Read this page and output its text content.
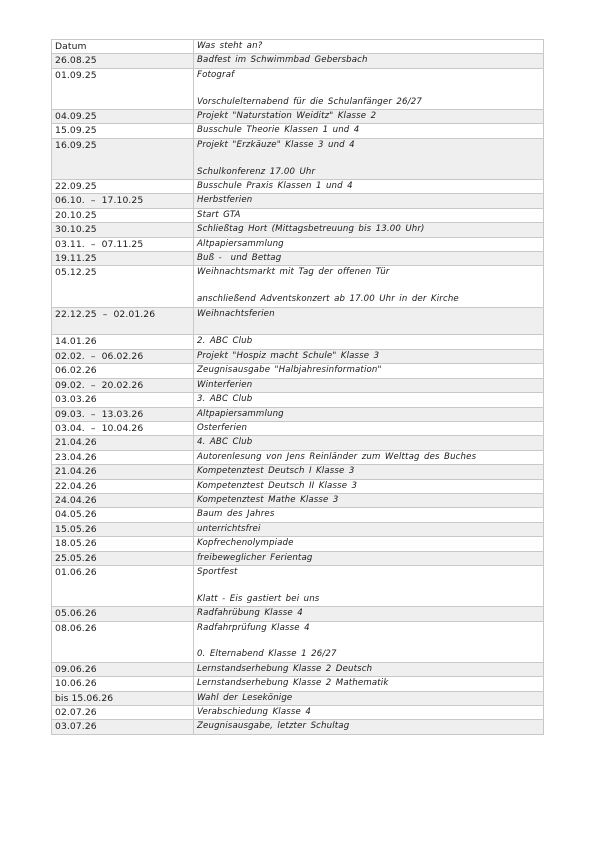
Datum	Was steht an?
26.08.25	Badfest im Schwimmbad Gebersbach

01.09.25	Fotograf
Vorschulelternabend für die Schulanfänger 26/27

04.09.25	Projekt "Naturstation Weiditz" Klasse 2

15.09.25	Busschule Theorie Klassen 1 und 4

16.09.25	Projekt "Erzkäuze" Klasse 3 und 4
Schulkonferenz 17.00 Uhr

22.09.25	Busschule Praxis Klassen 1 und 4

06.10.  –  17.10.25	Herbstferien

20.10.25	Start GTA

30.10.25	Schließtag Hort (Mittagsbetreuung bis 13.00 Uhr)

03.11.  –  07.11.25	Altpapiersammlung

19.11.25	Buß -  und Bettag

05.12.25	Weihnachtsmarkt mit Tag der offenen Tür
anschließend Adventskonzert ab 17.00 Uhr in der Kirche

22.12.25  –  02.01.26	Weihnachtsferien

14.01.26	2. ABC Club

02.02.  –  06.02.26	Projekt "Hospiz macht Schule" Klasse 3

06.02.26	Zeugnisausgabe "Halbjahresinformation"

09.02.  –  20.02.26	Winterferien

03.03.26	3. ABC Club

09.03.  –  13.03.26	Altpapiersammlung

03.04.  –  10.04.26	Osterferien

21.04.26	4. ABC Club

23.04.26	Autorenlesung von Jens Reinländer zum Welttag des Buches

21.04.26	Kompetenztest Deutsch I Klasse 3

22.04.26	Kompetenztest Deutsch II Klasse 3

24.04.26	Kompetenztest Mathe Klasse 3

04.05.26	Baum des Jahres

15.05.26	unterrichtsfrei

18.05.26	Kopfrechenolympiade

25.05.26	freibeweglicher Ferientag

01.06.26	Sportfest
Klatt - Eis gastiert bei uns

05.06.26	Radfahrübung Klasse 4

08.06.26	Radfahrprüfung Klasse 4
0. Elternabend Klasse 1 26/27

09.06.26	Lernstandserhebung Klasse 2 Deutsch

10.06.26	Lernstandserhebung Klasse 2 Mathematik

bis 15.06.26	Wahl der Lesekönige

02.07.26	Verabschiedung Klasse 4

03.07.26	Zeugnisausgabe, letzter Schultag
